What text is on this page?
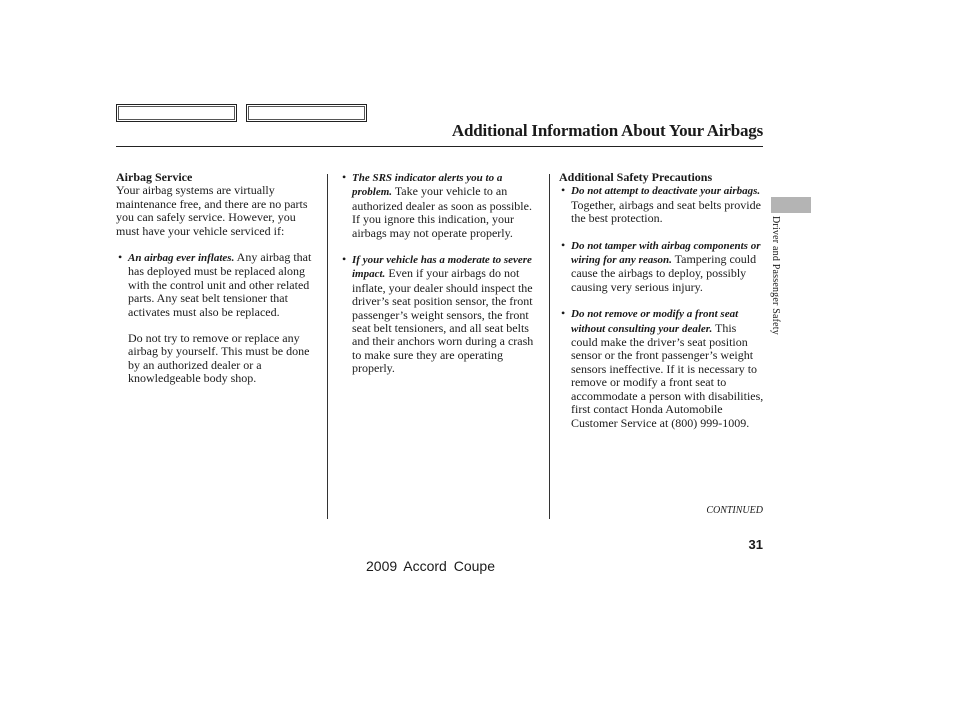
Additional Information About Your Airbags

Airbag Service

Your airbag systems are virtually maintenance free, and there are no parts you can safely service. However, you must have your vehicle serviced if:

• An airbag ever inflates. Any airbag that has deployed must be replaced along with the control unit and other related parts. Any seat belt tensioner that activates must also be replaced.

Do not try to remove or replace any airbag by yourself. This must be done by an authorized dealer or a knowledgeable body shop.

• The SRS indicator alerts you to a problem. Take your vehicle to an authorized dealer as soon as possible. If you ignore this indication, your airbags may not operate properly.
• If your vehicle has a moderate to severe impact. Even if your airbags do not inflate, your dealer should inspect the driver’s seat position sensor, the front passenger’s weight sensors, the front seat belt tensioners, and all seat belts and their anchors worn during a crash to make sure they are operating properly.

Additional Safety Precautions

• Do not attempt to deactivate your airbags. Together, airbags and seat belts provide the best protection.
• Do not tamper with airbag components or wiring for any reason. Tampering could cause the airbags to deploy, possibly causing very serious injury.
• Do not remove or modify a front seat without consulting your dealer. This could make the driver’s seat position sensor or the front passenger’s weight sensors ineffective. If it is necessary to remove or modify a front seat to accommodate a person with disabilities, first contact Honda Automobile Customer Service at (800) 999-1009.
Driver and Passenger Safety
CONTINUED
31
2009 Accord Coupe
